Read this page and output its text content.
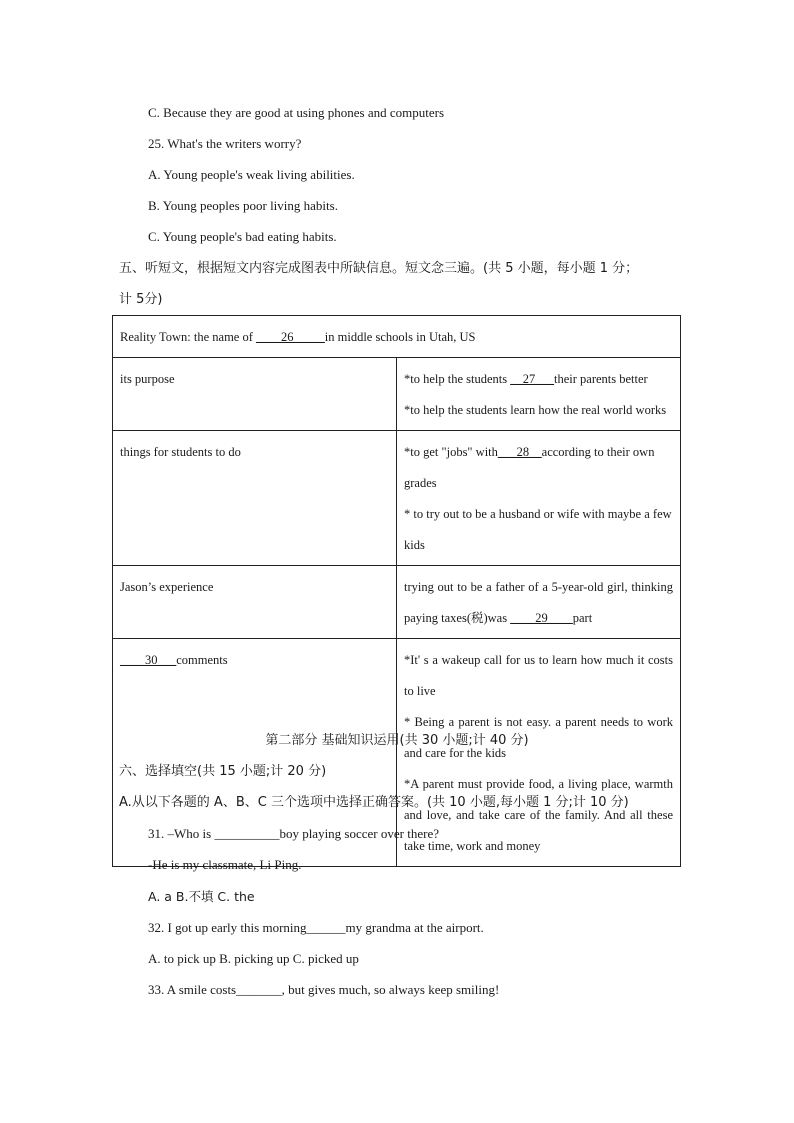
C. Because they are good at using phones and computers
25. What's the writers worry?
A. Young people's weak living abilities.
B. Young peoples poor living habits.
C. Young people's bad eating habits.
五、听短文，根据短文内容完成图表中所缺信息。短文念三遍。(共 5 小题，每小题 1 分；
计 5分)
Reality Town: the name of ____26_____in middle schools in Utah, US	
its purpose	*to help the students __27___their parents better
*to help the students learn how the real world works

things for students to do	*to get "jobs" with___28__according to their own grades
* to try out to be a husband or wife with maybe a few kids

Jason’s experience	trying out to be a father of a 5-year-old girl, thinking paying taxes(税)was ____29____part
____30___comments	*It' s a wakeup call for us to learn how much it costs to live
* Being a parent is not easy. a parent needs to work and care for the kids
*A parent must provide food, a living place, warmth and love, and take care of the family. And all these take time, work and money
第二部分 基础知识运用(共 30 小题;计 40 分)
六、选择填空(共 15 小题;计 20 分)
A.从以下各题的 A、B、C 三个选项中选择正确答案。(共 10 小题,每小题 1 分;计 10 分)
31. –Who is __________boy playing soccer over there?
-He is my classmate, Li Ping.
A. a B.不填 C. the
32. I got up early this morning______my grandma at the airport.
A. to pick up B. picking up C. picked up
33. A smile costs_______, but gives much, so always keep smiling!
